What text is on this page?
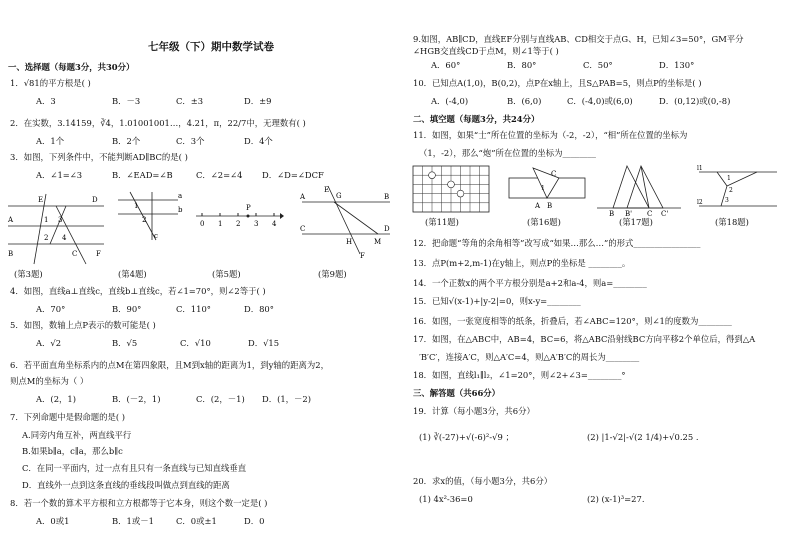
七年级（下）期中数学试卷
一、选择题（每题3分，共30分）
1．√81的平方根是( )
A．3	B．－3	C．±3	D．±9
2．在实数，3.14159，∛4，1.01001001…，4.21，π，22/7中，无理数有( )
A．1个	B．2个	C．3个	D．4个
3．如图，下列条件中，不能判断AD∥BC的是( )
A．∠1=∠3	B．∠EAD=∠B	C．∠2=∠4 D．∠D=∠DCF
E	D
A	1 3
2 4
B	C	F
a
b
c
1
2
P
0 1 2 3 4
E
A	G	B
C
H
D
M
F
(第3题)	(第4题)	(第5题)	(第9题)
4．如图，直线a⊥直线c，直线b⊥直线c，若∠1=70°，则∠2等于( )
A．70°	B．90°	C．110°	D．80°
5．如图，数轴上点P表示的数可能是( )
A．√2	B．√5	C．√10	D．√15
6．若平面直角坐标系内的点M在第四象限，且M到x轴的距离为1，到y轴的距离为2，
则点M的坐标为（ ）
A．(2，1)	B．(－2，1)	C．(2，－1) D．(1，－2)
7．下列命题中是假命题的是( )
A.同旁内角互补，两直线平行
B.如果b∥a，c∥a，那么b∥c
C．在同一平面内，过一点有且只有一条直线与已知直线垂直
D．直线外一点到这条直线的垂线段叫做点到直线的距离
8．若一个数的算术平方根和立方根都等于它本身，则这个数一定是( )
A．0或1	B．1或－1	C．0或±1	D．0
9.如图，AB∥CD，直线EF分别与直线AB、CD相交于点G、H，已知∠3=50°，GM平分
∠HGB交直线CD于点M，则∠1等于( )
A．60°	B．80°	C．50°	D．130°
10．已知点A(1,0)，B(0,2)，点P在x轴上，且S△PAB=5，则点P的坐标是( )
A．(-4,0)	B．(6,0)	C．(-4,0)或(6,0)	D．(0,12)或(0,-8)
二、填空题（每题3分，共24分）
11．如图，如果“士”所在位置的坐标为（-2，-2），“相”所在位置的坐标为
（1，-2），那么“炮”所在位置的坐标为________
A
C
B
1
B B' C C'
l1
l2
1
2
3
(第11题)	(第16题)	(第17题)	(第18题)
12．把命题“等角的余角相等”改写成“如果…那么…”的形式________________
13．点P(m+2,m-1)在y轴上，则点P的坐标是 ________。
14．一个正数x的两个平方根分别是a+2和a-4，则a=________
15．已知√(x-1)+|y-2|=0，则x-y=________
16．如图，一张宽度相等的纸条，折叠后，若∠ABC=120°，则∠1的度数为________
17．如图，在△ABC中，AB=4，BC=6，将△ABC沿射线BC方向平移2个单位后，得到△A
′B′C′，连接A′C，则△A′C=4，则△A′B′C的周长为________
18．如图，直线l₁∥l₂，∠1=20°，则∠2+∠3=________°
三、解答题（共66分）
19．计算（每小题3分，共6分）
(1) ∛(-27)+√(-6)²-√9 ；	(2) |1-√2|-√(2 1/4)+√0.25 .
20．求x的值，（每小题3分，共6分）
(1) 4x²-36=0	(2) (x-1)³=27.
